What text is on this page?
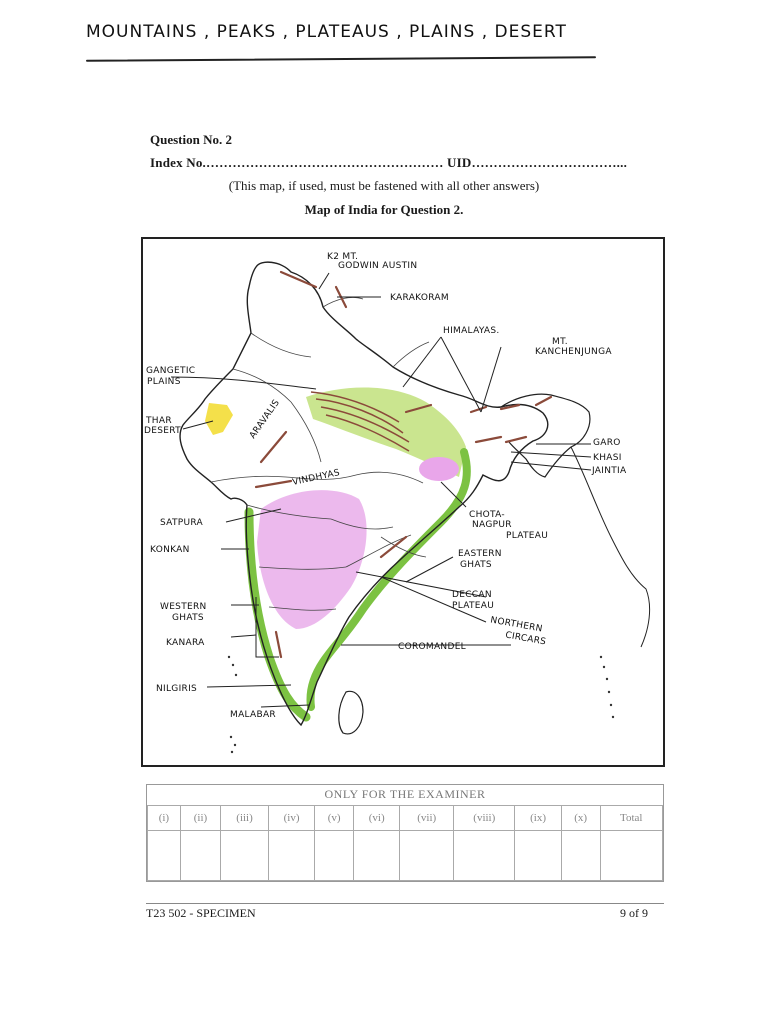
MOUNTAINS , PEAKS , PLATEAUS , PLAINS , DESERT
Question No. 2
Index No.……………………………………………… UID……………………………...
(This map, if used, must be fastened with all other answers)
Map of India for Question 2.
K2 MT.
GODWIN AUSTIN
KARAKORAM
HIMALAYAS.
MT.
KANCHENJUNGA
GANGETIC
PLAINS
THAR
DESERT	ARAVALIS
VINDHYAS
GARO
KHASI
JAINTIA
CHOTA-
NAGPUR
PLATEAU
SATPURA
KONKAN	EASTERN
GHATS
DECCAN
PLATEAU
WESTERN
GHATS	NORTHERN
CIRCARS
KANARA	COROMANDEL
NILGIRIS
MALABAR
ONLY FOR THE EXAMINER
(i)	(ii)	(iii)	(iv)	(v)	(vi)	(vii)	(viii)	(ix)	(x)	Total

T23 502 - SPECIMEN	9 of 9
